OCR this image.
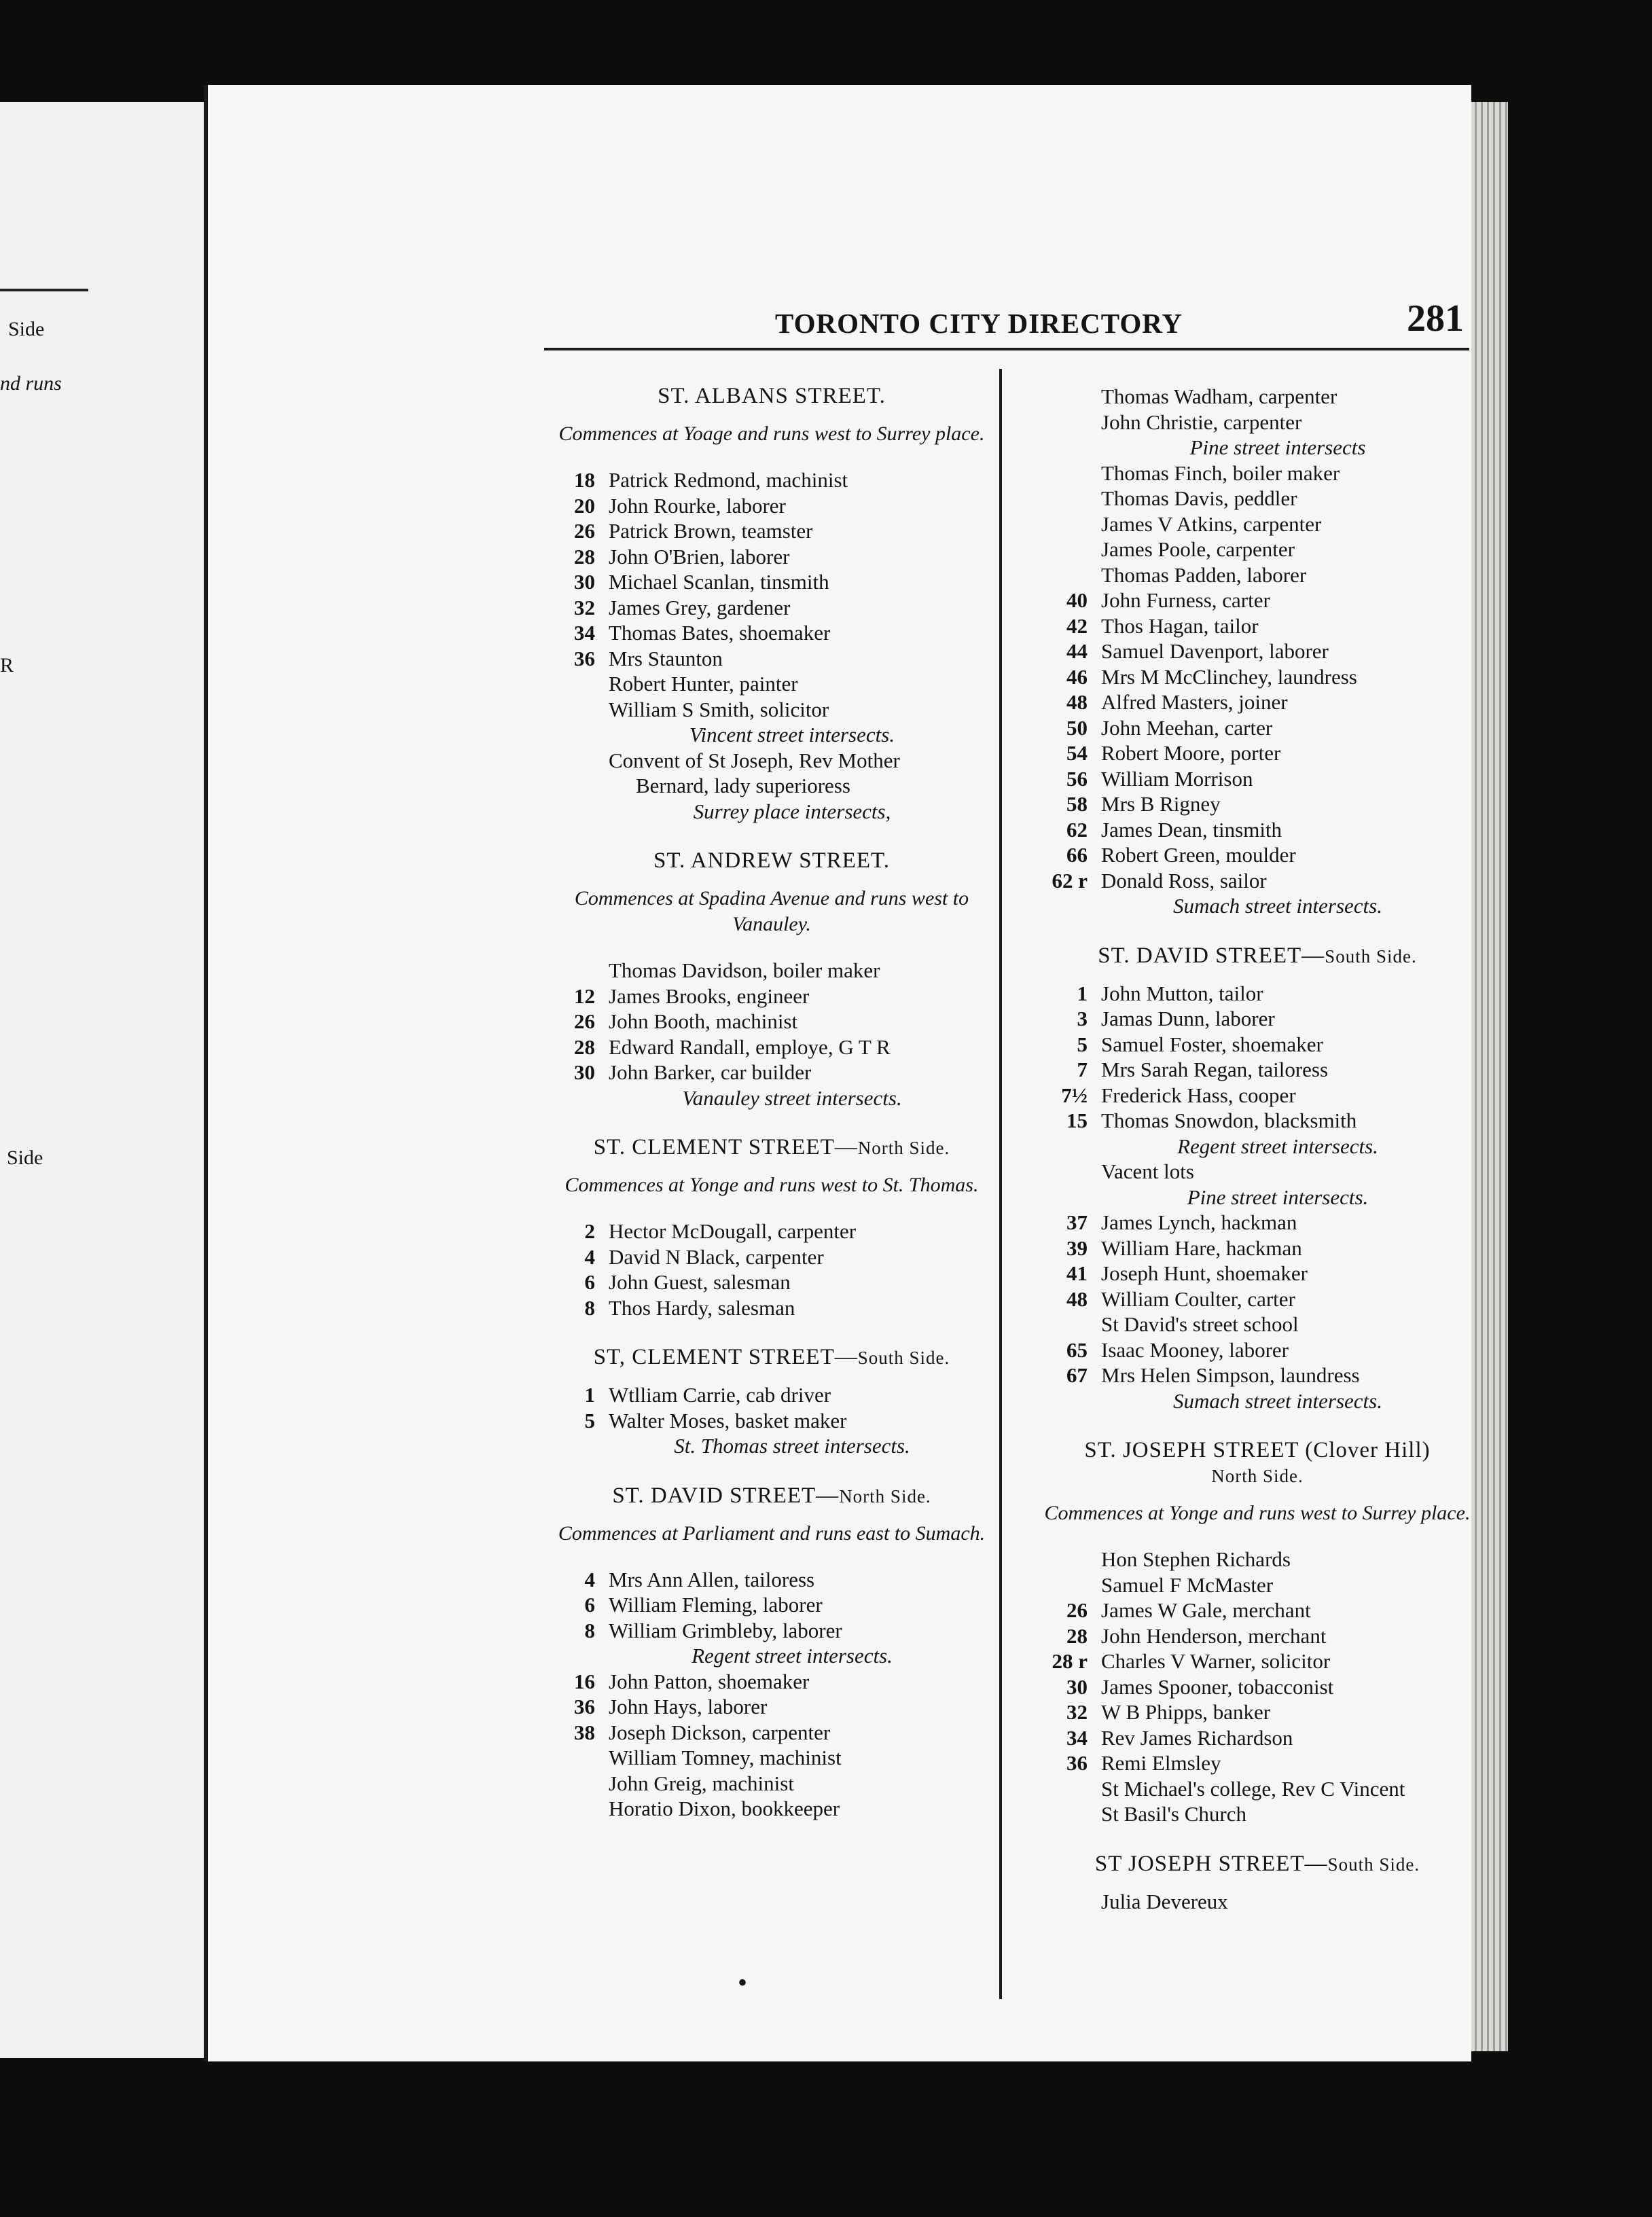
Side
nd runs
R
Side
TORONTO CITY DIRECTORY	281
ST. ALBANS STREET.
Commences at Yoage and runs west to Surrey place.
18 Patrick Redmond, machinist
20 John Rourke, laborer
26 Patrick Brown, teamster
28 John O'Brien, laborer
30 Michael Scanlan, tinsmith
32 James Grey, gardener
34 Thomas Bates, shoemaker
36 Mrs Staunton
Robert Hunter, painter
William S Smith, solicitor
Vincent street intersects.
Convent of St Joseph, Rev Mother
Bernard, lady superioress
Surrey place intersects,
ST. ANDREW STREET.
Commences at Spadina Avenue and runs west to Vanauley.
Thomas Davidson, boiler maker
12 James Brooks, engineer
26 John Booth, machinist
28 Edward Randall, employe, G T R
30 John Barker, car builder
Vanauley street intersects.
ST. CLEMENT STREET—North Side.
Commences at Yonge and runs west to St. Thomas.
2 Hector McDougall, carpenter
4 David N Black, carpenter
6 John Guest, salesman
8 Thos Hardy, salesman
ST, CLEMENT STREET—South Side.
1 Wtlliam Carrie, cab driver
5 Walter Moses, basket maker
St. Thomas street intersects.
ST. DAVID STREET—North Side.
Commences at Parliament and runs east to Sumach.
4 Mrs Ann Allen, tailoress
6 William Fleming, laborer
8 William Grimbleby, laborer
Regent street intersects.
16 John Patton, shoemaker
36 John Hays, laborer
38 Joseph Dickson, carpenter
William Tomney, machinist
John Greig, machinist
Horatio Dixon, bookkeeper
Thomas Wadham, carpenter
John Christie, carpenter
Pine street intersects
Thomas Finch, boiler maker
Thomas Davis, peddler
James V Atkins, carpenter
James Poole, carpenter
Thomas Padden, laborer
40 John Furness, carter
42 Thos Hagan, tailor
44 Samuel Davenport, laborer
46 Mrs M McClinchey, laundress
48 Alfred Masters, joiner
50 John Meehan, carter
54 Robert Moore, porter
56 William Morrison
58 Mrs B Rigney
62 James Dean, tinsmith
66 Robert Green, moulder
62 r Donald Ross, sailor
Sumach street intersects.
ST. DAVID STREET—South Side.
1 John Mutton, tailor
3 Jamas Dunn, laborer
5 Samuel Foster, shoemaker
7 Mrs Sarah Regan, tailoress
7½ Frederick Hass, cooper
15 Thomas Snowdon, blacksmith
Regent street intersects.
Vacent lots
Pine street intersects.
37 James Lynch, hackman
39 William Hare, hackman
41 Joseph Hunt, shoemaker
48 William Coulter, carter
St David's street school
65 Isaac Mooney, laborer
67 Mrs Helen Simpson, laundress
Sumach street intersects.
ST. JOSEPH STREET (Clover Hill)
North Side.
Commences at Yonge and runs west to Surrey place.
Hon Stephen Richards
Samuel F McMaster
26 James W Gale, merchant
28 John Henderson, merchant
28 r Charles V Warner, solicitor
30 James Spooner, tobacconist
32 W B Phipps, banker
34 Rev James Richardson
36 Remi Elmsley
St Michael's college, Rev C Vincent
St Basil's Church
ST JOSEPH STREET—South Side.
Julia Devereux
•
